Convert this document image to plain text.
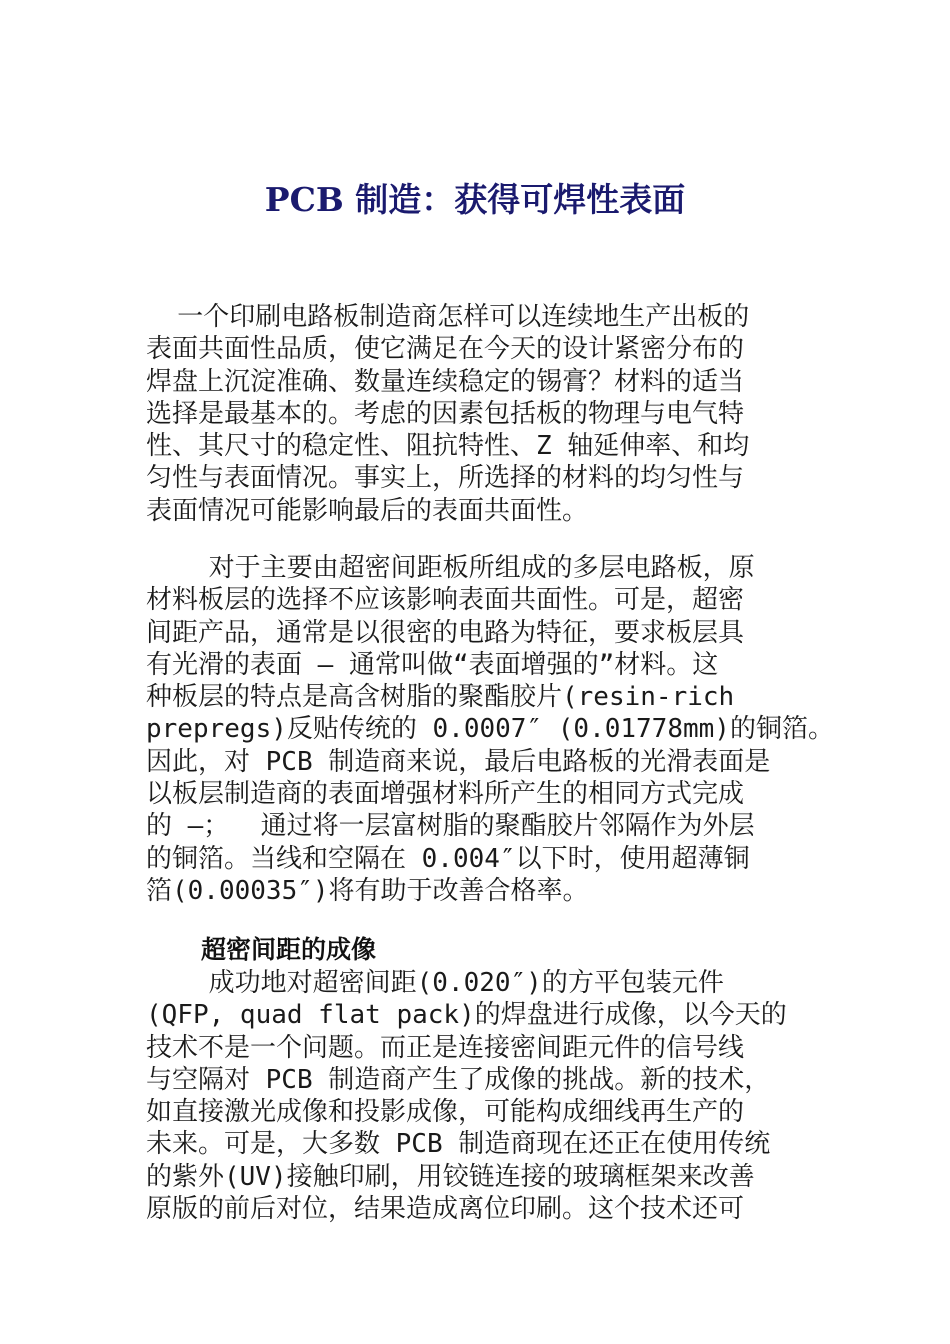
PCB 制造：获得可焊性表面
一个印刷电路板制造商怎样可以连续地生产出板的
表面共面性品质，使它满足在今天的设计紧密分布的
焊盘上沉淀准确、数量连续稳定的锡膏？材料的适当
选择是最基本的。考虑的因素包括板的物理与电气特
性、其尺寸的稳定性、阻抗特性、Z 轴延伸率、和均
匀性与表面情况。事实上，所选择的材料的均匀性与
表面情况可能影响最后的表面共面性。
对于主要由超密间距板所组成的多层电路板，原
材料板层的选择不应该影响表面共面性。可是，超密
间距产品，通常是以很密的电路为特征，要求板层具
有光滑的表面 — 通常叫做“表面增强的”材料。这
种板层的特点是高含树脂的聚酯胶片(resin-rich
prepregs)反贴传统的 0.0007″ (0.01778mm)的铜箔。
因此，对 PCB 制造商来说，最后电路板的光滑表面是
以板层制造商的表面增强材料所产生的相同方式完成
的 —；  通过将一层富树脂的聚酯胶片邻隔作为外层
的铜箔。当线和空隔在 0.004″以下时，使用超薄铜
箔(0.00035″)将有助于改善合格率。
超密间距的成像
成功地对超密间距(0.020″)的方平包装元件
(QFP, quad flat pack)的焊盘进行成像，以今天的
技术不是一个问题。而正是连接密间距元件的信号线
与空隔对 PCB 制造商产生了成像的挑战。新的技术，
如直接激光成像和投影成像，可能构成细线再生产的
未来。可是，大多数 PCB 制造商现在还正在使用传统
的紫外(UV)接触印刷，用铰链连接的玻璃框架来改善
原版的前后对位，结果造成离位印刷。这个技术还可
